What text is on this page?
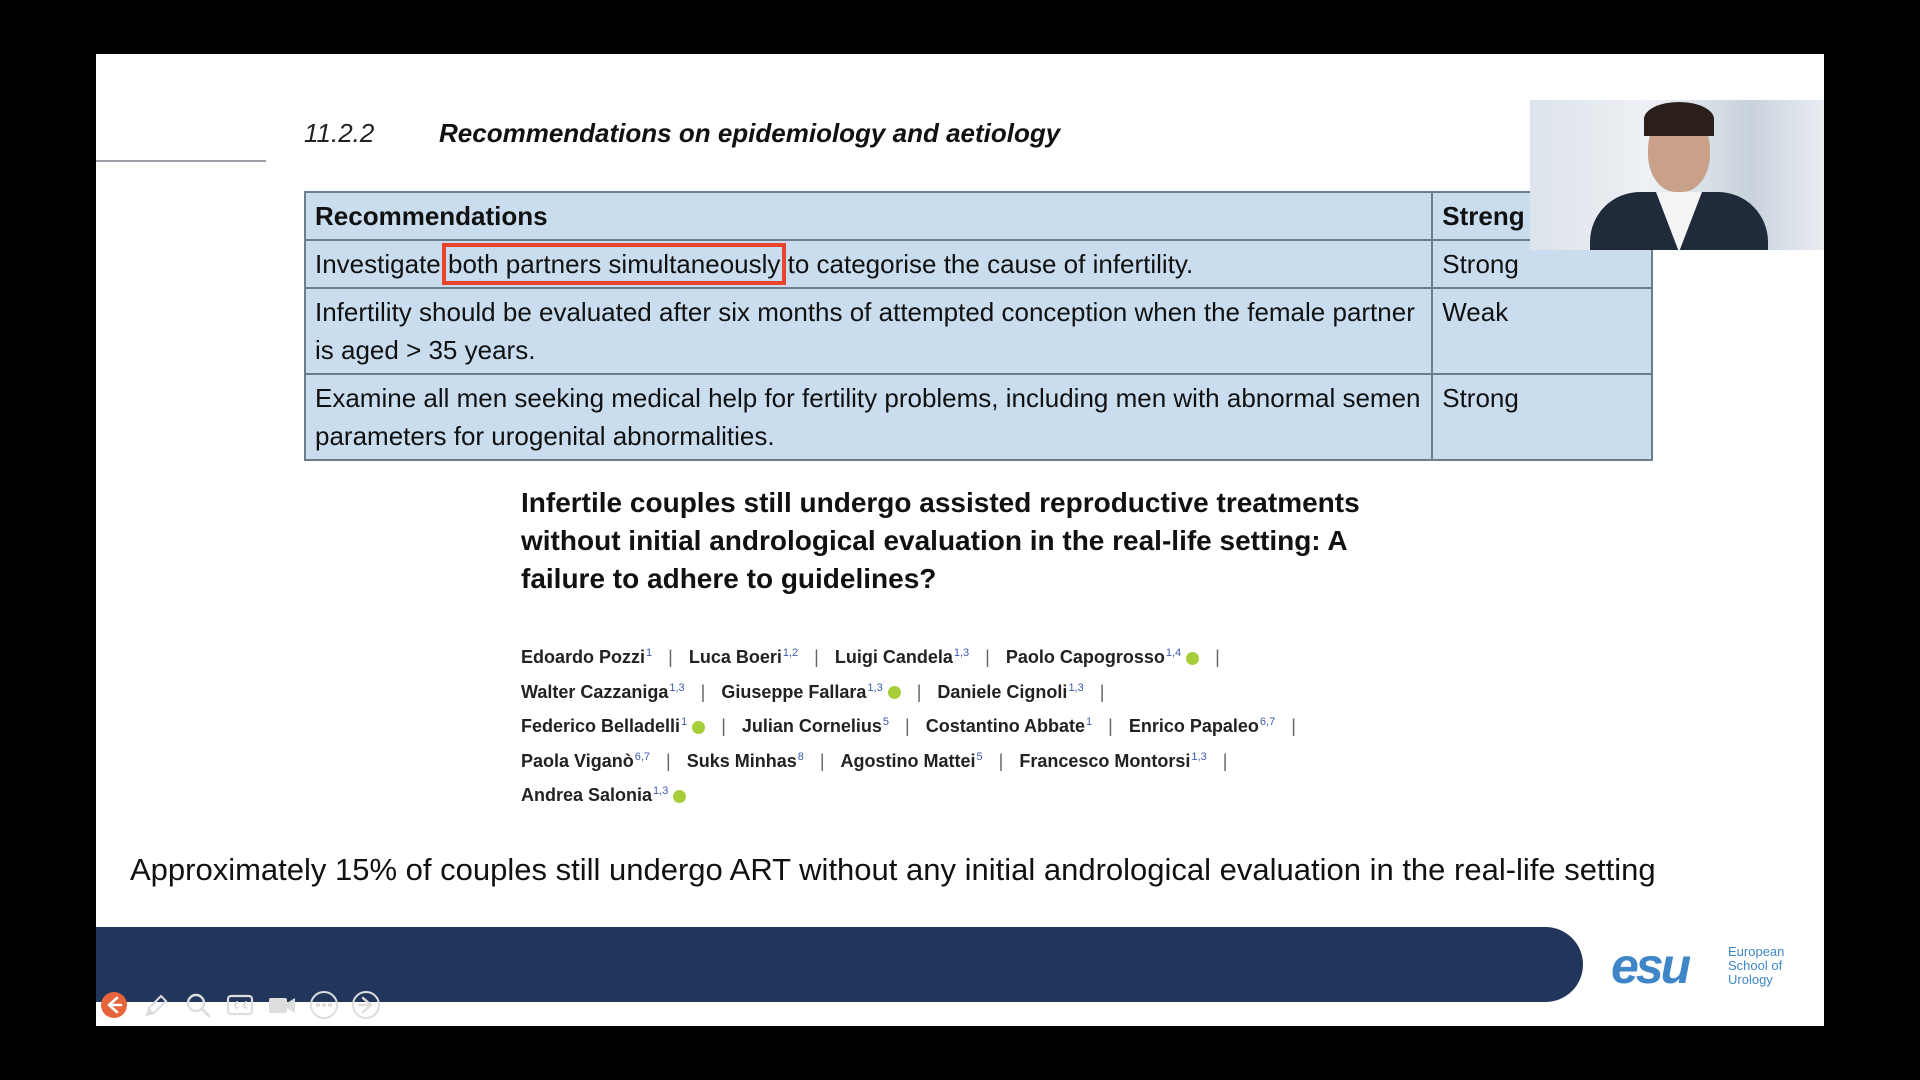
11.2.2 Recommendations on epidemiology and aetiology
Recommendations	Streng
Investigate both partners simultaneously to categorise the cause of infertility.	Strong
Infertility should be evaluated after six months of attempted conception when the female partner is aged > 35 years.	Weak
Examine all men seeking medical help for fertility problems, including men with abnormal semen parameters for urogenital abnormalities.	Strong
Infertile couples still undergo assisted reproductive treatments without initial andrological evaluation in the real-life setting: A failure to adhere to guidelines?
Edoardo Pozzi$^1$ | Luca Boeri$^{1,2}$ | Luigi Candela$^{1,3}$ | Paolo Capogrosso$^{1,4}$ |
Walter Cazzaniga$^{1,3}$ | Giuseppe Fallara$^{1,3}$ | Daniele Cignoli$^{1,3}$ |
Federico Belladelli$^1$ | Julian Cornelius$^5$ | Costantino Abbate$^1$ | Enrico Papaleo$^{6,7}$ |
Paola Viganò$^{6,7}$ | Suks Minhas$^8$ | Agostino Mattei$^5$ | Francesco Montorsi$^{1,3}$ |
Andrea Salonia$^{1,3}$
Approximately 15% of couples still undergo ART without any initial andrological evaluation in the real-life setting
esu	European
School of
Urology
